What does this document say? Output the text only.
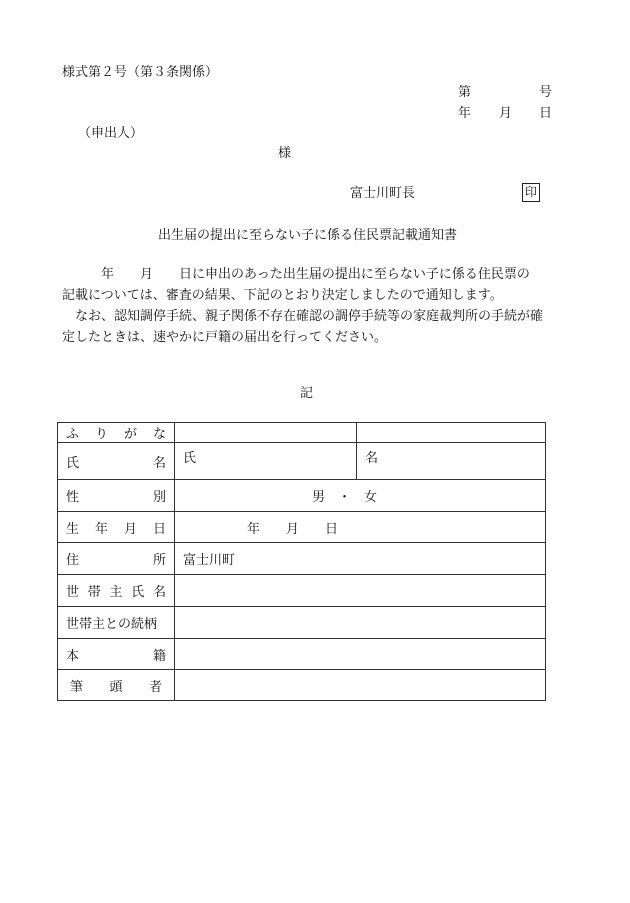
様式第２号（第３条関係）
第	号
年 月 日
（申出人）
様
富士川町長	印
出生届の提出に至らない子に係る住民票記載通知書

　　　年　　月　　日に申出のあった出生届の提出に至らない子に係る住民票の

記載については、審査の結果、下記のとおり決定しましたので通知します。

　なお、認知調停手続、親子関係不存在確認の調停手続等の家庭裁判所の手続が確

定したときは、速やかに戸籍の届出を行ってください。

記
ふ り が な		

氏 名	氏	名

性 別	男　・　女	

生 年 月 日	年　　月　　日	

住 所	富士川町	

世 帯 主 氏 名		

世帯主との続柄		

本 籍		

筆 頭 者		
